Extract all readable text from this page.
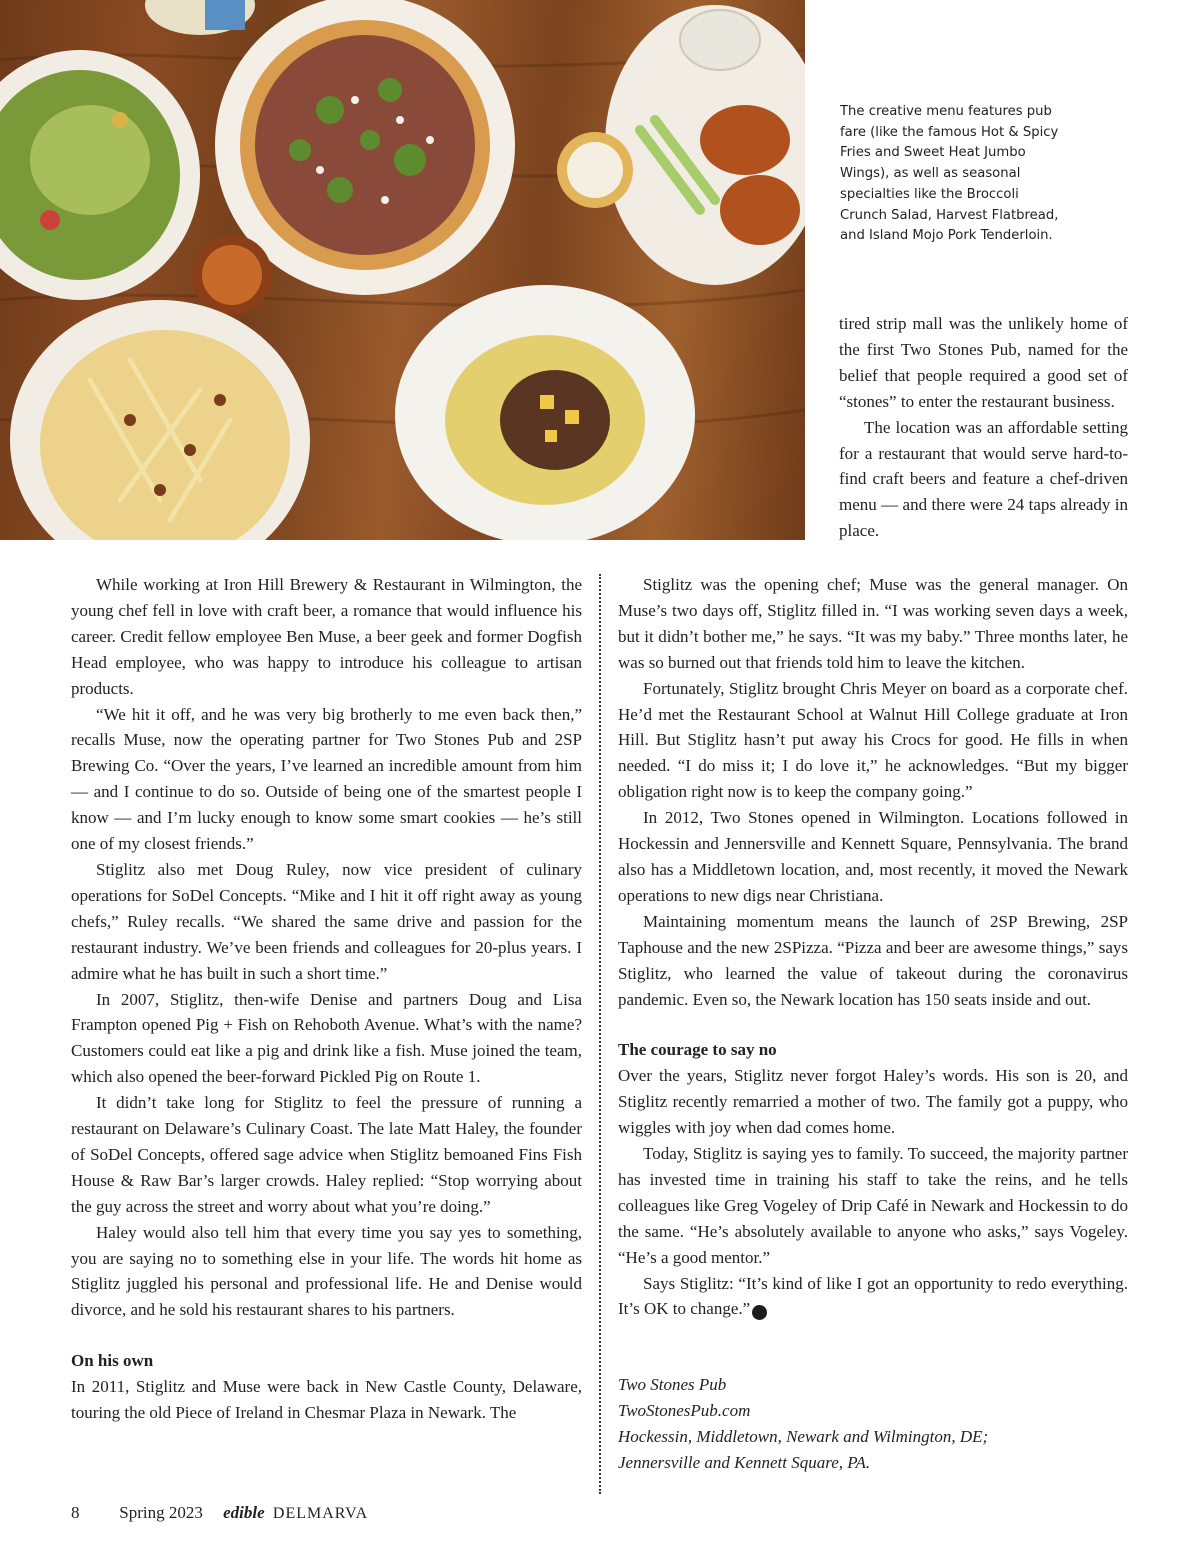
The creative menu features pub fare (like the famous Hot & Spicy Fries and Sweet Heat Jumbo Wings), as well as seasonal specialties like the Broccoli Crunch Salad, Harvest Flatbread, and Island Mojo Pork Tenderloin.

tired strip mall was the unlikely home of the first Two Stones Pub, named for the belief that people required a good set of “stones” to enter the restaurant business.

The location was an affordable setting for a restaurant that would serve hard-to-find craft beers and feature a chef-driven menu — and there were 24 taps already in place.

While working at Iron Hill Brewery & Restaurant in Wilmington, the young chef fell in love with craft beer, a romance that would influence his career. Credit fellow employee Ben Muse, a beer geek and former Dogfish Head employee, who was happy to introduce his colleague to artisan products.

“We hit it off, and he was very big brotherly to me even back then,” recalls Muse, now the operating partner for Two Stones Pub and 2SP Brewing Co. “Over the years, I’ve learned an incredible amount from him — and I continue to do so. Outside of being one of the smartest people I know — and I’m lucky enough to know some smart cookies — he’s still one of my closest friends.”

Stiglitz also met Doug Ruley, now vice president of culinary operations for SoDel Concepts. “Mike and I hit it off right away as young chefs,” Ruley recalls. “We shared the same drive and passion for the restaurant industry. We’ve been friends and colleagues for 20-plus years. I admire what he has built in such a short time.”

In 2007, Stiglitz, then-wife Denise and partners Doug and Lisa Frampton opened Pig + Fish on Rehoboth Avenue. What’s with the name? Customers could eat like a pig and drink like a fish. Muse joined the team, which also opened the beer-forward Pickled Pig on Route 1.

It didn’t take long for Stiglitz to feel the pressure of running a restaurant on Delaware’s Culinary Coast. The late Matt Haley, the founder of SoDel Concepts, offered sage advice when Stiglitz bemoaned Fins Fish House & Raw Bar’s larger crowds. Haley replied: “Stop worrying about the guy across the street and worry about what you’re doing.”

Haley would also tell him that every time you say yes to something, you are saying no to something else in your life. The words hit home as Stiglitz juggled his personal and professional life. He and Denise would divorce, and he sold his restaurant shares to his partners.

On his own

In 2011, Stiglitz and Muse were back in New Castle County, Delaware, touring the old Piece of Ireland in Chesmar Plaza in Newark. The

Stiglitz was the opening chef; Muse was the general manager. On Muse’s two days off, Stiglitz filled in. “I was working seven days a week, but it didn’t bother me,” he says. “It was my baby.” Three months later, he was so burned out that friends told him to leave the kitchen.

Fortunately, Stiglitz brought Chris Meyer on board as a corporate chef. He’d met the Restaurant School at Walnut Hill College graduate at Iron Hill. But Stiglitz hasn’t put away his Crocs for good. He fills in when needed. “I do miss it; I do love it,” he acknowledges. “But my bigger obligation right now is to keep the company going.”

In 2012, Two Stones opened in Wilmington. Locations followed in Hockessin and Jennersville and Kennett Square, Pennsylvania. The brand also has a Middletown location, and, most recently, it moved the Newark operations to new digs near Christiana.

Maintaining momentum means the launch of 2SP Brewing, 2SP Taphouse and the new 2SPizza. “Pizza and beer are awesome things,” says Stiglitz, who learned the value of takeout during the coronavirus pandemic. Even so, the Newark location has 150 seats inside and out.

The courage to say no

Over the years, Stiglitz never forgot Haley’s words. His son is 20, and Stiglitz recently remarried a mother of two. The family got a puppy, who wiggles with joy when dad comes home.

Today, Stiglitz is saying yes to family. To succeed, the majority partner has invested time in training his staff to take the reins, and he tells colleagues like Greg Vogeley of Drip Café in Newark and Hockessin to do the same. “He’s absolutely available to anyone who asks,” says Vogeley. “He’s a good mentor.”

Says Stiglitz: “It’s kind of like I got an opportunity to redo everything. It’s OK to change.” e

Two Stones Pub
TwoStonesPub.com
Hockessin, Middletown, Newark and Wilmington, DE;
Jennersville and Kennett Square, PA.
8 Spring 2023 edible DELMARVA
